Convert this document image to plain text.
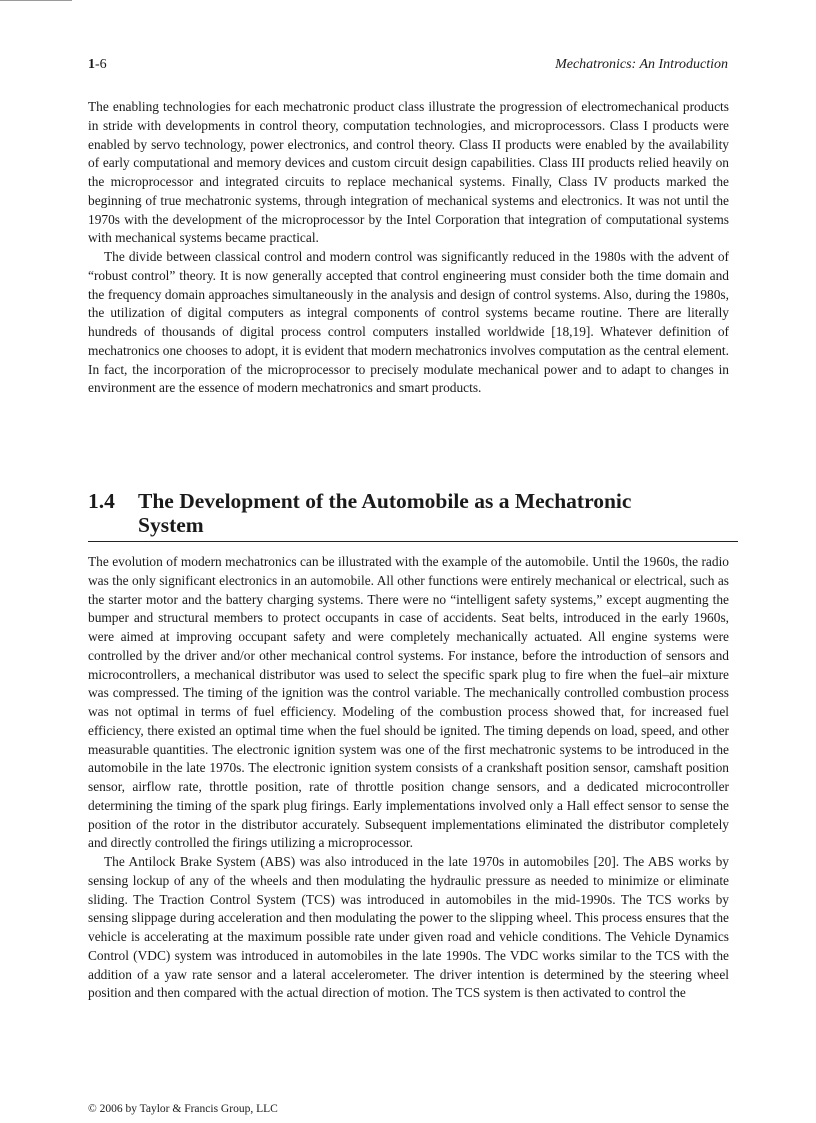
1-6	Mechatronics: An Introduction

The enabling technologies for each mechatronic product class illustrate the progression of electromechanical products in stride with developments in control theory, computation technologies, and microprocessors. Class I products were enabled by servo technology, power electronics, and control theory. Class II products were enabled by the availability of early computational and memory devices and custom circuit design capabilities. Class III products relied heavily on the microprocessor and integrated circuits to replace mechanical systems. Finally, Class IV products marked the beginning of true mechatronic systems, through integration of mechanical systems and electronics. It was not until the 1970s with the development of the microprocessor by the Intel Corporation that integration of computational systems with mechanical systems became practical.

The divide between classical control and modern control was significantly reduced in the 1980s with the advent of “robust control” theory. It is now generally accepted that control engineering must consider both the time domain and the frequency domain approaches simultaneously in the analysis and design of control systems. Also, during the 1980s, the utilization of digital computers as integral components of control systems became routine. There are literally hundreds of thousands of digital process control computers installed worldwide [18,19]. Whatever definition of mechatronics one chooses to adopt, it is evident that modern mechatronics involves computation as the central element. In fact, the incorporation of the microprocessor to precisely modulate mechanical power and to adapt to changes in environment are the essence of modern mechatronics and smart products.

1.4 The Development of the Automobile as a Mechatronic System

The evolution of modern mechatronics can be illustrated with the example of the automobile. Until the 1960s, the radio was the only significant electronics in an automobile. All other functions were entirely mechanical or electrical, such as the starter motor and the battery charging systems. There were no “intelligent safety systems,” except augmenting the bumper and structural members to protect occupants in case of accidents. Seat belts, introduced in the early 1960s, were aimed at improving occupant safety and were completely mechanically actuated. All engine systems were controlled by the driver and/or other mechanical control systems. For instance, before the introduction of sensors and microcontrollers, a mechanical distributor was used to select the specific spark plug to fire when the fuel–air mixture was compressed. The timing of the ignition was the control variable. The mechanically controlled combustion process was not optimal in terms of fuel efficiency. Modeling of the combustion process showed that, for increased fuel efficiency, there existed an optimal time when the fuel should be ignited. The timing depends on load, speed, and other measurable quantities. The electronic ignition system was one of the first mechatronic systems to be introduced in the automobile in the late 1970s. The electronic ignition system consists of a crankshaft position sensor, camshaft position sensor, airflow rate, throttle position, rate of throttle position change sensors, and a dedicated microcontroller determining the timing of the spark plug firings. Early implementations involved only a Hall effect sensor to sense the position of the rotor in the distributor accurately. Subsequent implementations eliminated the distributor completely and directly controlled the firings utilizing a microprocessor.

The Antilock Brake System (ABS) was also introduced in the late 1970s in automobiles [20]. The ABS works by sensing lockup of any of the wheels and then modulating the hydraulic pressure as needed to minimize or eliminate sliding. The Traction Control System (TCS) was introduced in automobiles in the mid-1990s. The TCS works by sensing slippage during acceleration and then modulating the power to the slipping wheel. This process ensures that the vehicle is accelerating at the maximum possible rate under given road and vehicle conditions. The Vehicle Dynamics Control (VDC) system was introduced in automobiles in the late 1990s. The VDC works similar to the TCS with the addition of a yaw rate sensor and a lateral accelerometer. The driver intention is determined by the steering wheel position and then compared with the actual direction of motion. The TCS system is then activated to control the

© 2006 by Taylor & Francis Group, LLC
